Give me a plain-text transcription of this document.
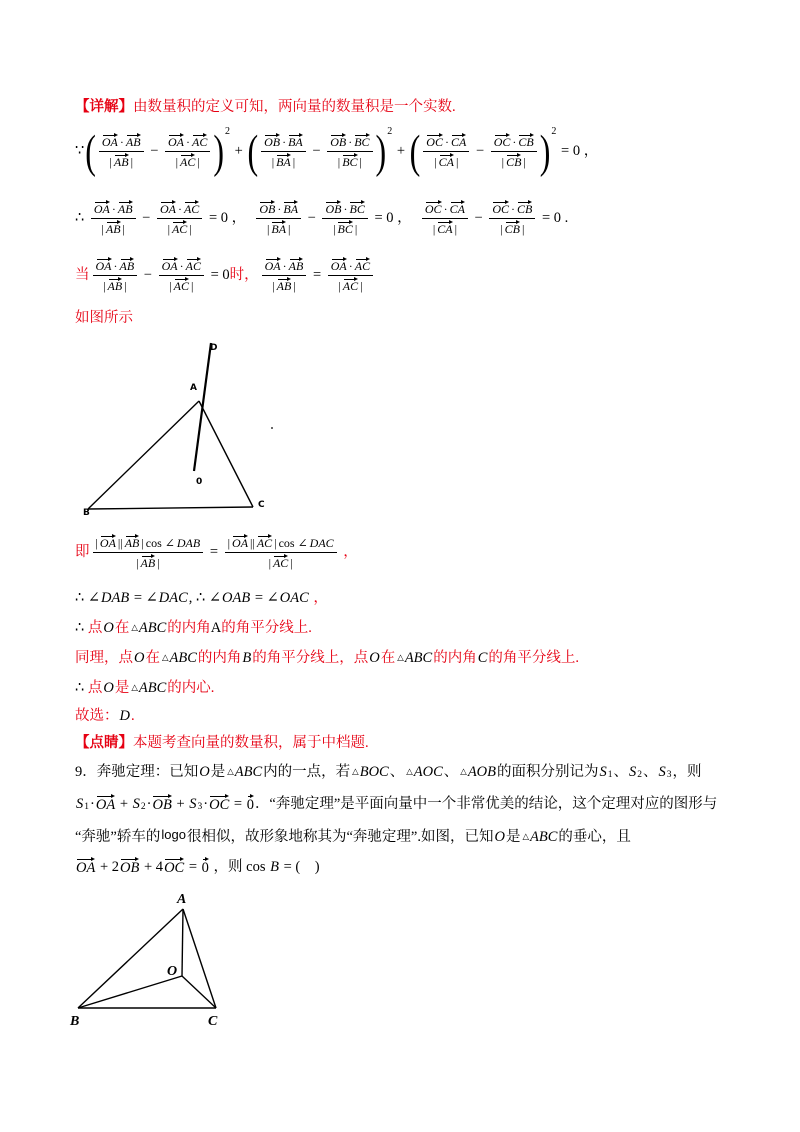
【详解】 由数量积的定义可知，两向量的数量积是一个实数.
∵ ( $\frac{OA \cdot AB}{| AB |} - \frac{OA \cdot AC}{| AC |}$ ) 2
+ ( $\frac{OB \cdot BA}{| BA |} - \frac{OB \cdot BC}{| BC |}$ ) 2
+ ( $\frac{OC \cdot CA}{| CA |} - \frac{OC \cdot CB}{| CB |}$ ) 2
= 0 ，
∴ $\frac{OA \cdot AB}{| AB |} - \frac{OA \cdot AC}{| AC |} = 0$ ， $\frac{OB \cdot BA}{| BA |} - \frac{OB \cdot BC}{| BC |} = 0$ ， $\frac{OC \cdot CA}{| CA |} - \frac{OC \cdot CB}{| CB |} = 0$ .
当 $\frac{OA \cdot AB}{| AB |} - \frac{OA \cdot AC}{| AC |} = 0$ 时， $\frac{OA \cdot AB}{| AB |} = \frac{OA \cdot AC}{| AC |}$
如图所示
D
A
0
B
C
即 $\frac{\text{| OA || AB | cos ∠ DAB}}{| AB |} = \frac{\text{| OA || AC | cos ∠ DAC}}{| AC |}$ ，
∴ ∠ DAB = ∠ DAC , ∴ ∠ OAB = ∠ OAC ，
∴ 点 O 在 △ ABC 的内角 A 的角平分线上.
同理，点 O 在 △ ABC 的内角 B 的角平分线上，点 O 在 △ ABC 的内角 C 的角平分线上.
∴ 点 O 是 △ ABC 的内心.
故选： D .
【点睛】 本题考查向量的数量积，属于中档题.
9．奔驰定理：已知 O 是 △ ABC 内的一点，若 △ BOC 、 △ AOC 、 △ AOB 的面积分别记为 S 1 、 S 2 、 S 3 ，则
S 1 · OA + S 2 · OB + S 3 · OC = 0 ．“奔驰定理”是平面向量中一个非常优美的结论，这个定理对应的图形与
“奔驰”轿车的 logo 很相似，故形象地称其为“奔驰定理”.如图，已知 O 是 △ ABC 的垂心，且
OA + 2 OB + 4 OC = 0 ，则 cos B = (    )
A
O
B	C
